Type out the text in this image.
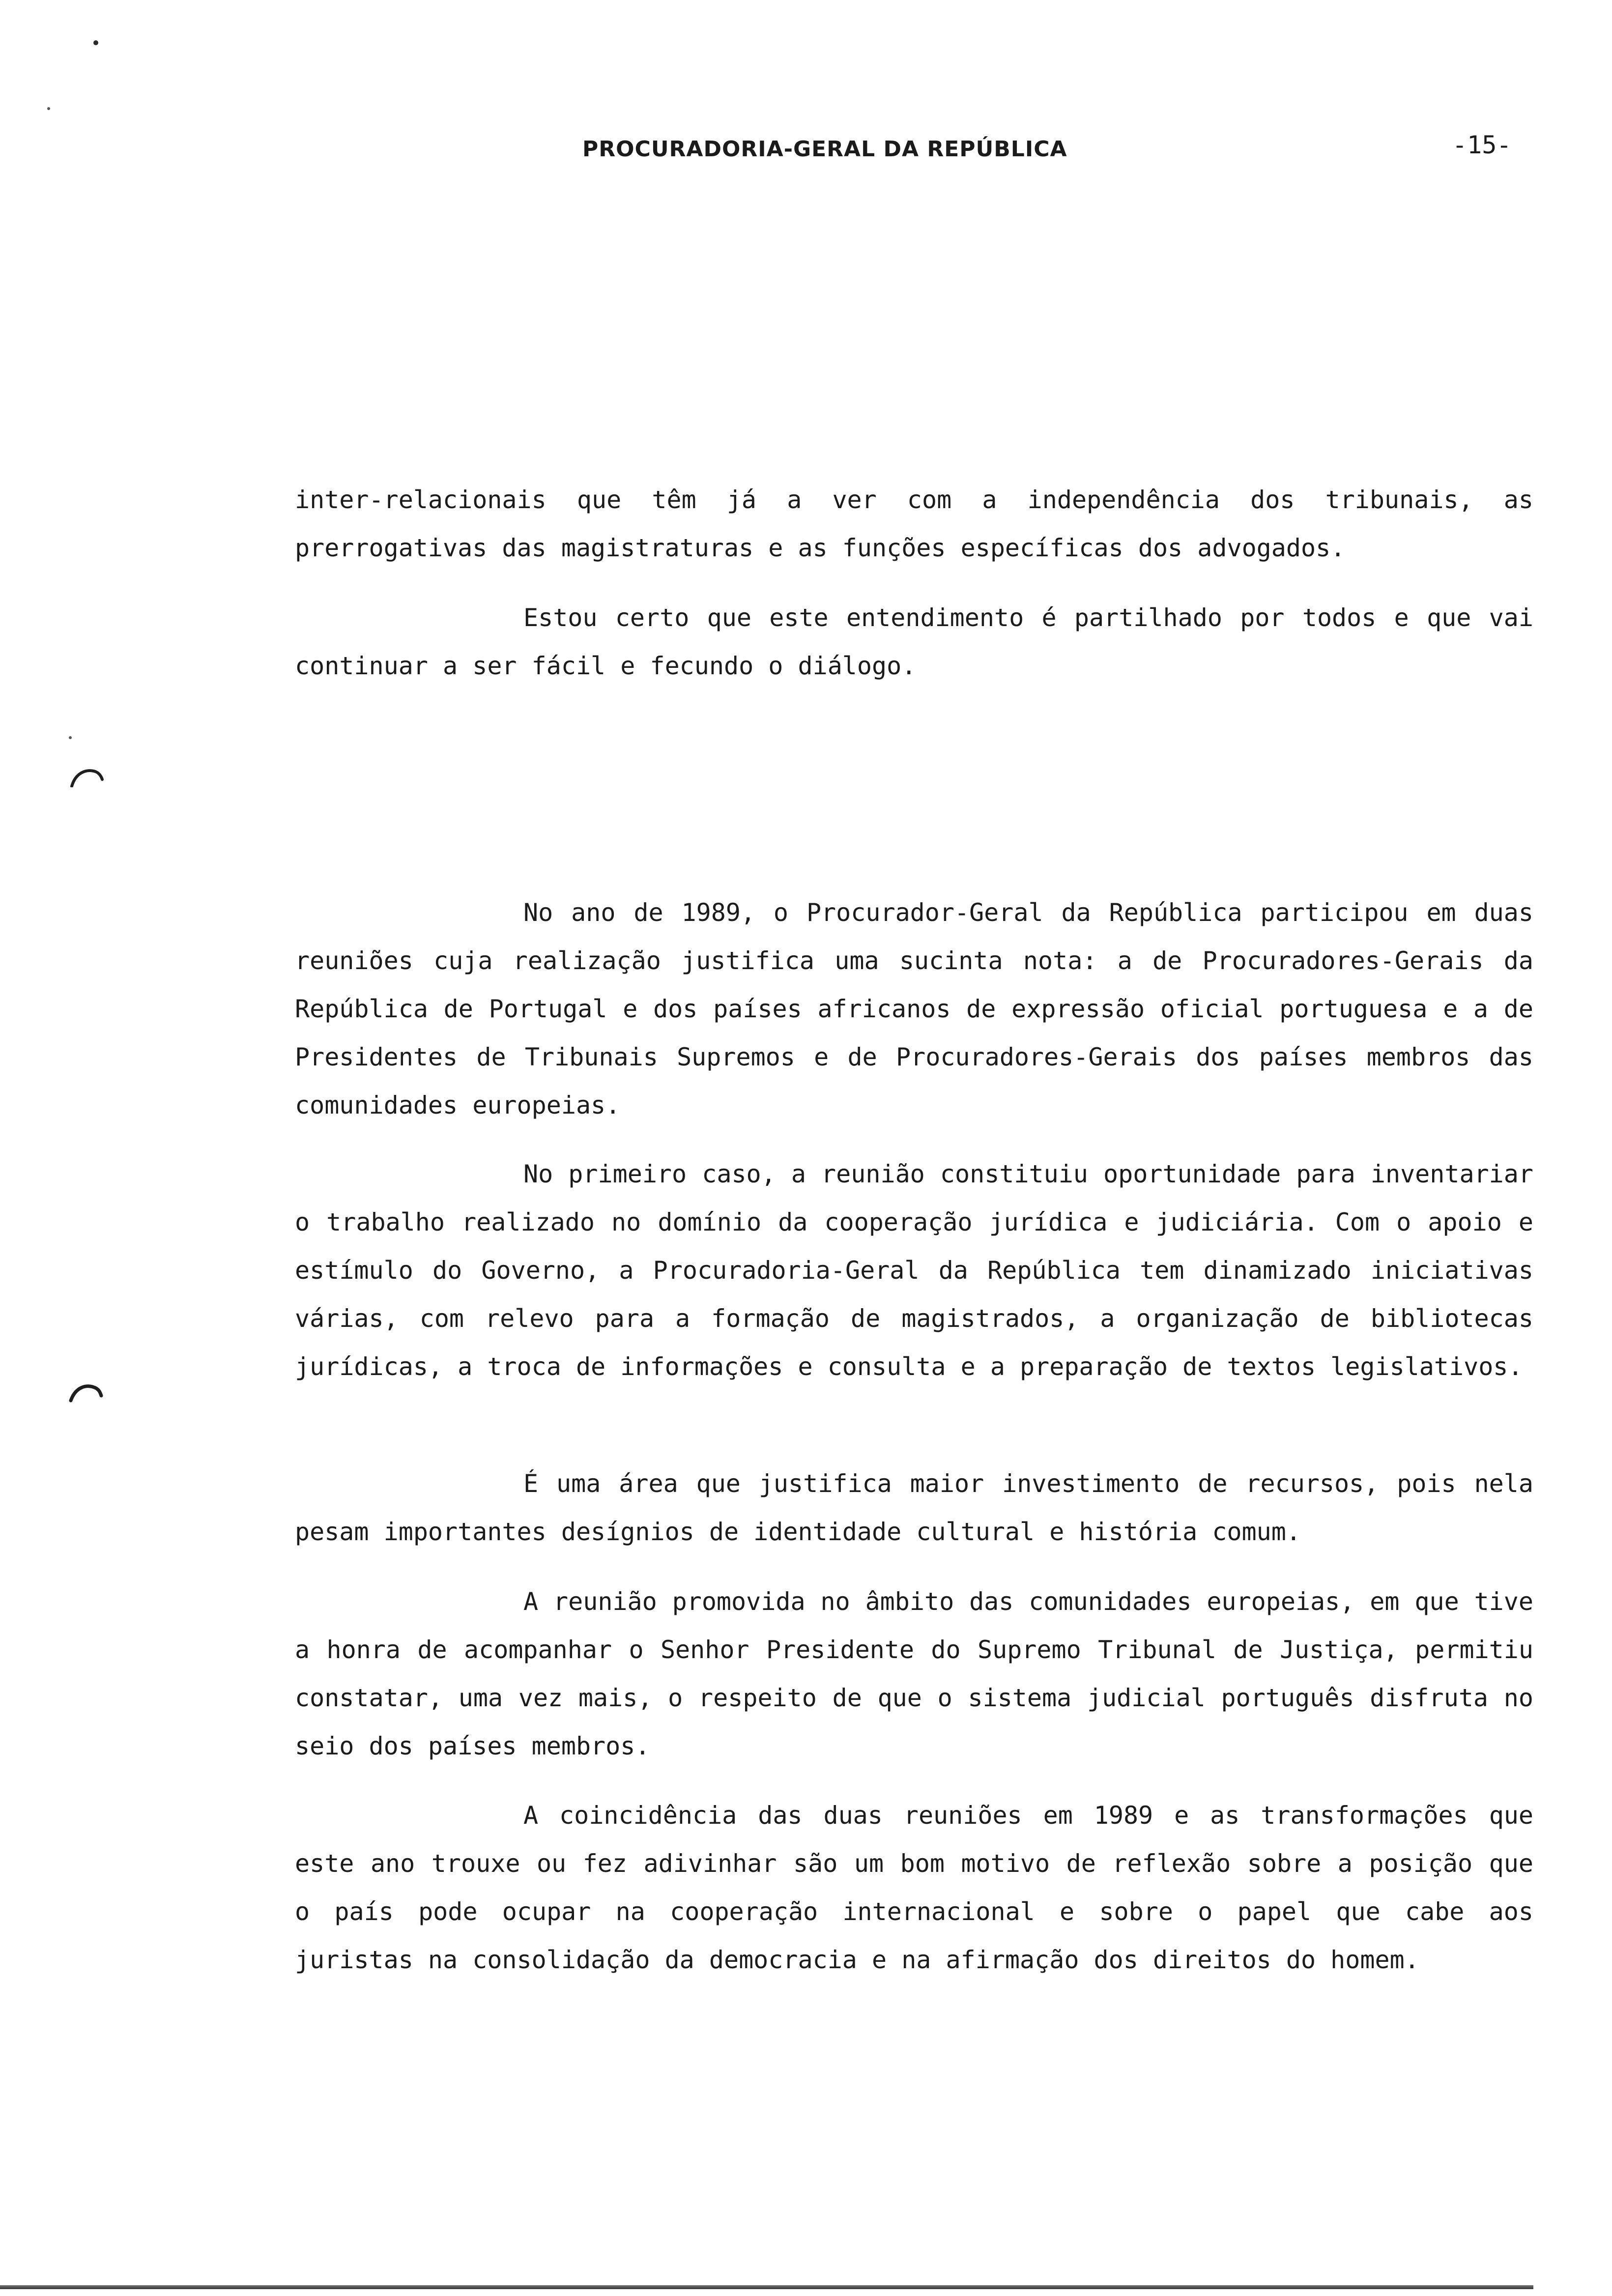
PROCURADORIA-GERAL DA REPÚBLICA	-15-

inter-relacionais que têm já a ver com a independência dos tribunais, as prerrogativas das magistraturas e as funções específicas dos advogados.

Estou certo que este entendimento é partilhado por todos e que vai continuar a ser fácil e fecundo o diálogo.

No ano de 1989, o Procurador-Geral da República participou em duas reuniões cuja realização justifica uma sucinta nota: a de Procuradores-Gerais da República de Portugal e dos países africanos de expressão oficial portuguesa e a de Presidentes de Tribunais Supremos e de Procuradores-Gerais dos países membros das comunidades europeias.

No primeiro caso, a reunião constituiu oportunidade para inventariar o trabalho realizado no domínio da cooperação jurídica e judiciária. Com o apoio e estímulo do Governo, a Procuradoria-Geral da República tem dinamizado iniciativas várias, com relevo para a formação de magistrados, a organização de bibliotecas jurídicas, a troca de informações e consulta e a preparação de textos legislativos.

É uma área que justifica maior investimento de recursos, pois nela pesam importantes desígnios de identidade cultural e história comum.

A reunião promovida no âmbito das comunidades europeias, em que tive a honra de acompanhar o Senhor Presidente do Supremo Tribunal de Justiça, permitiu constatar, uma vez mais, o respeito de que o sistema judicial português disfruta no seio dos países membros.

A coincidência das duas reuniões em 1989 e as transformações que este ano trouxe ou fez adivinhar são um bom motivo de reflexão sobre a posição que o país pode ocupar na cooperação internacional e sobre o papel que cabe aos juristas na consolidação da democracia e na afirmação dos direitos do homem.
